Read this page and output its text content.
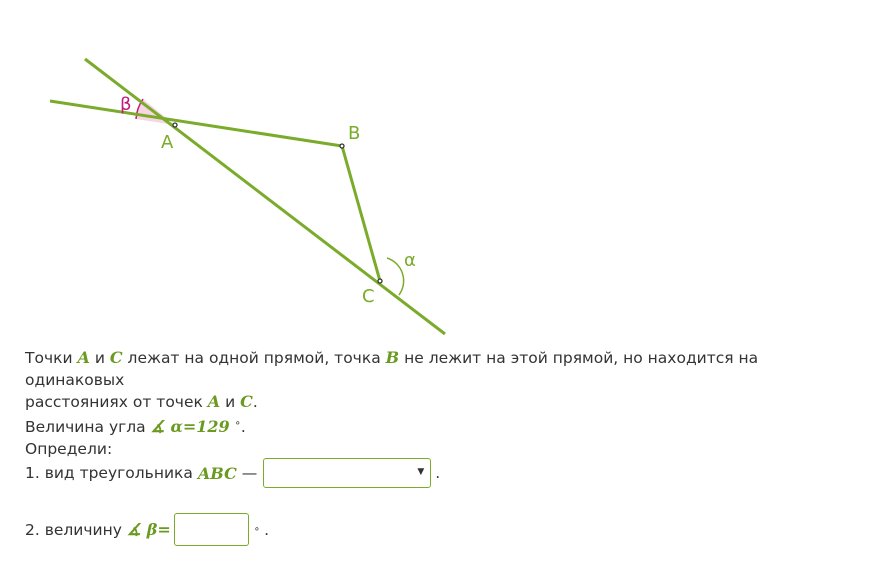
β
A	B
α
C
Точки A и C лежат на одной прямой, точка B не лежит на этой прямой, но находится на одинаковых
расстояниях от точек A и C.
Величина угла ∡ α=129 ∘.
Определи:
1. вид треугольника
ABC
—	▼ .
2. величину
∡ β=	∘ .
